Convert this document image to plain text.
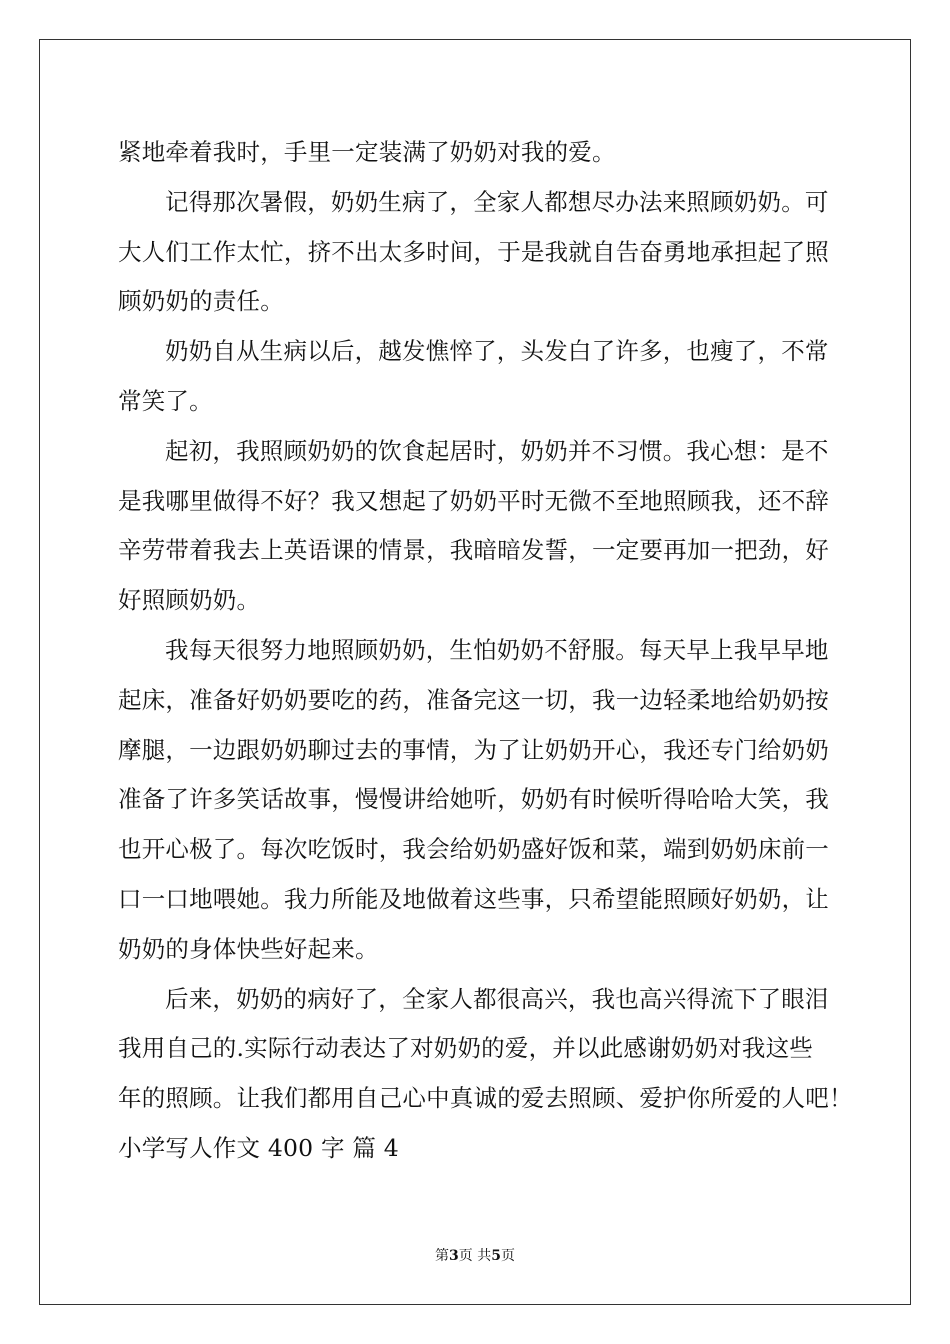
紧地牵着我时，手里一定装满了奶奶对我的爱。
记得那次暑假，奶奶生病了，全家人都想尽办法来照顾奶奶。可
大人们工作太忙，挤不出太多时间，于是我就自告奋勇地承担起了照
顾奶奶的责任。
奶奶自从生病以后，越发憔悴了，头发白了许多，也瘦了，不常
常笑了。
起初，我照顾奶奶的饮食起居时，奶奶并不习惯。我心想：是不
是我哪里做得不好？我又想起了奶奶平时无微不至地照顾我，还不辞
辛劳带着我去上英语课的情景，我暗暗发誓，一定要再加一把劲，好
好照顾奶奶。
我每天很努力地照顾奶奶，生怕奶奶不舒服。每天早上我早早地
起床，准备好奶奶要吃的药，准备完这一切，我一边轻柔地给奶奶按
摩腿，一边跟奶奶聊过去的事情，为了让奶奶开心，我还专门给奶奶
准备了许多笑话故事，慢慢讲给她听，奶奶有时候听得哈哈大笑，我
也开心极了。每次吃饭时，我会给奶奶盛好饭和菜，端到奶奶床前一
口一口地喂她。我力所能及地做着这些事，只希望能照顾好奶奶，让
奶奶的身体快些好起来。
后来，奶奶的病好了，全家人都很高兴，我也高兴得流下了眼泪
我用自己的.实际行动表达了对奶奶的爱，并以此感谢奶奶对我这些
年的照顾。让我们都用自己心中真诚的爱去照顾、爱护你所爱的人吧！
小学写人作文 400 字 篇 4
第3页 共5页
